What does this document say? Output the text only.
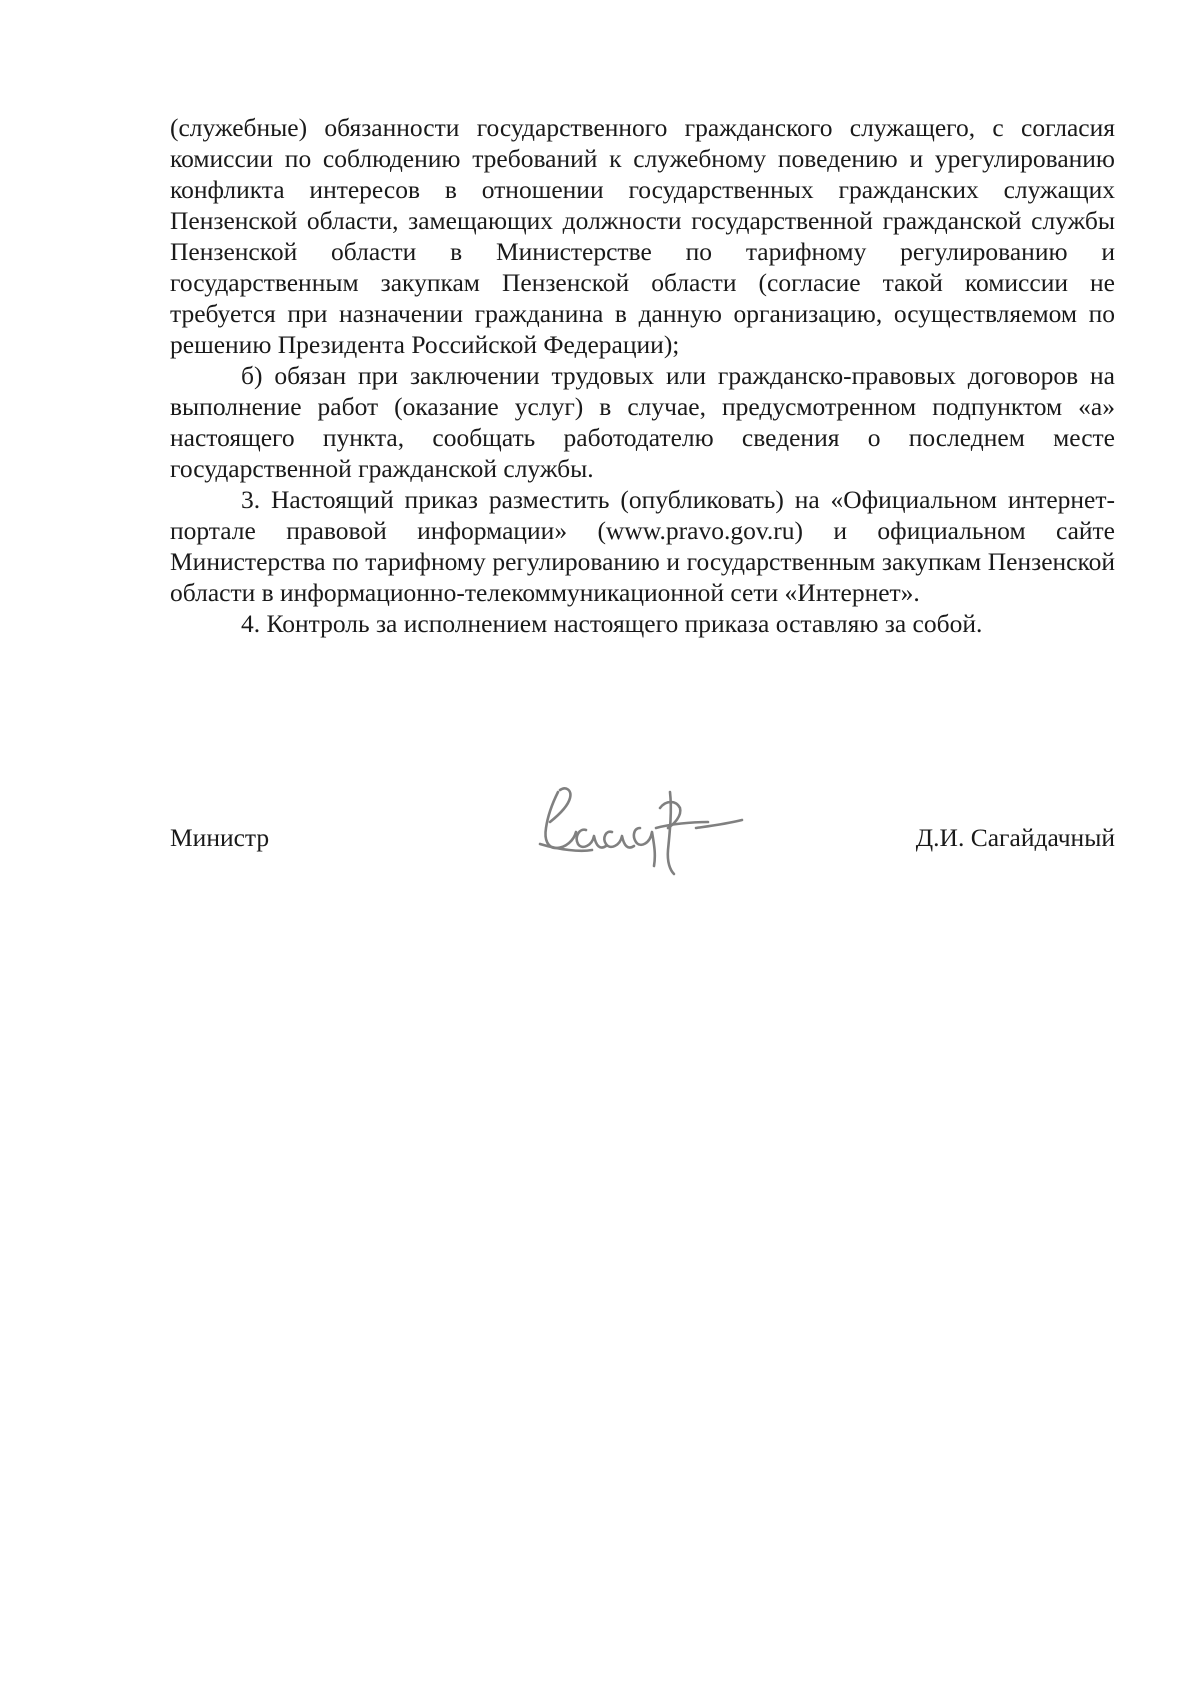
(служебные) обязанности государственного гражданского служащего, с согласия комиссии по соблюдению требований к служебному поведению и урегулированию конфликта интересов в отношении государственных гражданских служащих Пензенской области, замещающих должности государственной гражданской службы Пензенской области в Министерстве по тарифному регулированию и государственным закупкам Пензенской области (согласие такой комиссии не требуется при назначении гражданина в данную организацию, осуществляемом по решению Президента Российской Федерации);

б) обязан при заключении трудовых или гражданско-правовых договоров на выполнение работ (оказание услуг) в случае, предусмотренном подпунктом «а» настоящего пункта, сообщать работодателю сведения о последнем месте государственной гражданской службы.

3. Настоящий приказ разместить (опубликовать) на «Официальном интернет-портале правовой информации» (www.pravo.gov.ru) и официальном сайте Министерства по тарифному регулированию и государственным закупкам Пензенской области в информационно-телекоммуникационной сети «Интернет».

4. Контроль за исполнением настоящего приказа оставляю за собой.

Министр	Д.И. Сагайдачный
